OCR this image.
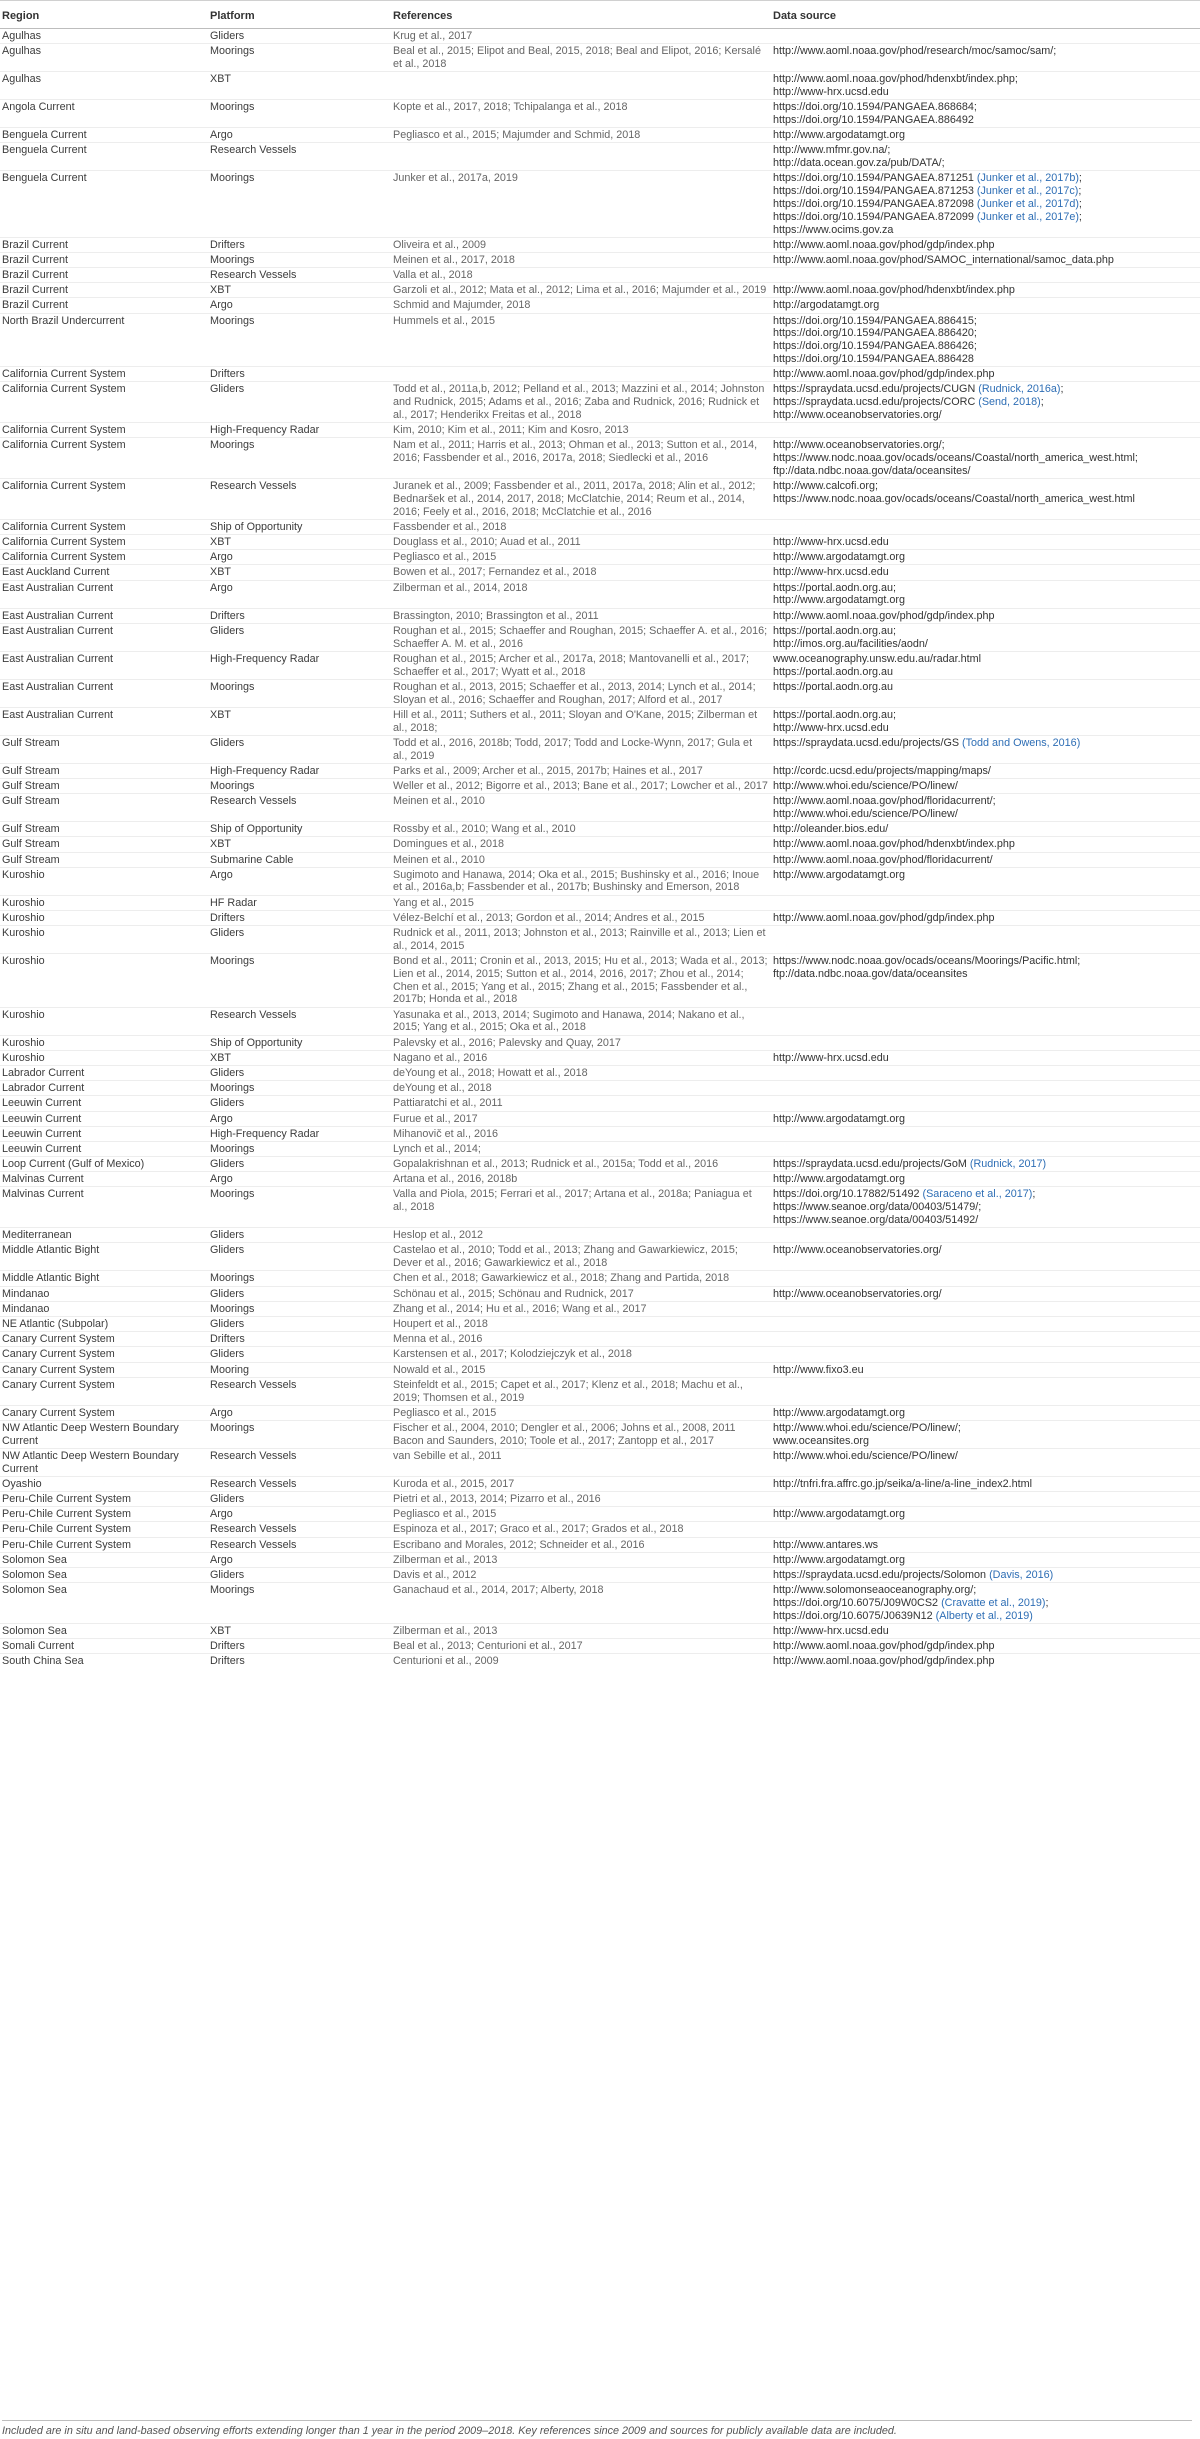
Region	Platform	References	Data source
Agulhas	Gliders	Krug et al., 2017	
Agulhas	Moorings	Beal et al., 2015; Elipot and Beal, 2015, 2018; Beal and Elipot, 2016; Kersalé et al., 2018	http://www.aoml.noaa.gov/phod/research/moc/samoc/sam/;
Agulhas	XBT		http://www.aoml.noaa.gov/phod/hdenxbt/index.php;
http://www-hrx.ucsd.edu
Angola Current	Moorings	Kopte et al., 2017, 2018; Tchipalanga et al., 2018	https://doi.org/10.1594/PANGAEA.868684;
https://doi.org/10.1594/PANGAEA.886492
Benguela Current	Argo	Pegliasco et al., 2015; Majumder and Schmid, 2018	http://www.argodatamgt.org
Benguela Current	Research Vessels		http://www.mfmr.gov.na/;
http://data.ocean.gov.za/pub/DATA/;
Benguela Current	Moorings	Junker et al., 2017a, 2019	https://doi.org/10.1594/PANGAEA.871251 (Junker et al., 2017b);
https://doi.org/10.1594/PANGAEA.871253 (Junker et al., 2017c);
https://doi.org/10.1594/PANGAEA.872098 (Junker et al., 2017d);
https://doi.org/10.1594/PANGAEA.872099 (Junker et al., 2017e);
https://www.ocims.gov.za
Brazil Current	Drifters	Oliveira et al., 2009	http://www.aoml.noaa.gov/phod/gdp/index.php
Brazil Current	Moorings	Meinen et al., 2017, 2018	http://www.aoml.noaa.gov/phod/SAMOC_international/samoc_data.php
Brazil Current	Research Vessels	Valla et al., 2018	
Brazil Current	XBT	Garzoli et al., 2012; Mata et al., 2012; Lima et al., 2016; Majumder et al., 2019	http://www.aoml.noaa.gov/phod/hdenxbt/index.php
Brazil Current	Argo	Schmid and Majumder, 2018	http://argodatamgt.org
North Brazil Undercurrent	Moorings	Hummels et al., 2015	https://doi.org/10.1594/PANGAEA.886415;
https://doi.org/10.1594/PANGAEA.886420;
https://doi.org/10.1594/PANGAEA.886426;
https://doi.org/10.1594/PANGAEA.886428
California Current System	Drifters		http://www.aoml.noaa.gov/phod/gdp/index.php
California Current System	Gliders	Todd et al., 2011a,b, 2012; Pelland et al., 2013; Mazzini et al., 2014; Johnston and Rudnick, 2015; Adams et al., 2016; Zaba and Rudnick, 2016; Rudnick et al., 2017; Henderikx Freitas et al., 2018	https://spraydata.ucsd.edu/projects/CUGN (Rudnick, 2016a);
https://spraydata.ucsd.edu/projects/CORC (Send, 2018);
http://www.oceanobservatories.org/
California Current System	High-Frequency Radar	Kim, 2010; Kim et al., 2011; Kim and Kosro, 2013	
California Current System	Moorings	Nam et al., 2011; Harris et al., 2013; Ohman et al., 2013; Sutton et al., 2014, 2016; Fassbender et al., 2016, 2017a, 2018; Siedlecki et al., 2016	http://www.oceanobservatories.org/;
https://www.nodc.noaa.gov/ocads/oceans/Coastal/north_america_west.html;
ftp://data.ndbc.noaa.gov/data/oceansites/
California Current System	Research Vessels	Juranek et al., 2009; Fassbender et al., 2011, 2017a, 2018; Alin et al., 2012; Bednaršek et al., 2014, 2017, 2018; McClatchie, 2014; Reum et al., 2014, 2016; Feely et al., 2016, 2018; McClatchie et al., 2016	http://www.calcofi.org;
https://www.nodc.noaa.gov/ocads/oceans/Coastal/north_america_west.html
California Current System	Ship of Opportunity	Fassbender et al., 2018	
California Current System	XBT	Douglass et al., 2010; Auad et al., 2011	http://www-hrx.ucsd.edu
California Current System	Argo	Pegliasco et al., 2015	http://www.argodatamgt.org
East Auckland Current	XBT	Bowen et al., 2017; Fernandez et al., 2018	http://www-hrx.ucsd.edu
East Australian Current	Argo	Zilberman et al., 2014, 2018	https://portal.aodn.org.au;
http://www.argodatamgt.org
East Australian Current	Drifters	Brassington, 2010; Brassington et al., 2011	http://www.aoml.noaa.gov/phod/gdp/index.php
East Australian Current	Gliders	Roughan et al., 2015; Schaeffer and Roughan, 2015; Schaeffer A. et al., 2016; Schaeffer A. M. et al., 2016	https://portal.aodn.org.au;
http://imos.org.au/facilities/aodn/
East Australian Current	High-Frequency Radar	Roughan et al., 2015; Archer et al., 2017a, 2018; Mantovanelli et al., 2017; Schaeffer et al., 2017; Wyatt et al., 2018	www.oceanography.unsw.edu.au/radar.html
https://portal.aodn.org.au
East Australian Current	Moorings	Roughan et al., 2013, 2015; Schaeffer et al., 2013, 2014; Lynch et al., 2014; Sloyan et al., 2016; Schaeffer and Roughan, 2017; Alford et al., 2017	https://portal.aodn.org.au
East Australian Current	XBT	Hill et al., 2011; Suthers et al., 2011; Sloyan and O'Kane, 2015; Zilberman et al., 2018;	https://portal.aodn.org.au;
http://www-hrx.ucsd.edu
Gulf Stream	Gliders	Todd et al., 2016, 2018b; Todd, 2017; Todd and Locke-Wynn, 2017; Gula et al., 2019	https://spraydata.ucsd.edu/projects/GS (Todd and Owens, 2016)
Gulf Stream	High-Frequency Radar	Parks et al., 2009; Archer et al., 2015, 2017b; Haines et al., 2017	http://cordc.ucsd.edu/projects/mapping/maps/
Gulf Stream	Moorings	Weller et al., 2012; Bigorre et al., 2013; Bane et al., 2017; Lowcher et al., 2017	http://www.whoi.edu/science/PO/linew/
Gulf Stream	Research Vessels	Meinen et al., 2010	http://www.aoml.noaa.gov/phod/floridacurrent/;
http://www.whoi.edu/science/PO/linew/
Gulf Stream	Ship of Opportunity	Rossby et al., 2010; Wang et al., 2010	http://oleander.bios.edu/
Gulf Stream	XBT	Domingues et al., 2018	http://www.aoml.noaa.gov/phod/hdenxbt/index.php
Gulf Stream	Submarine Cable	Meinen et al., 2010	http://www.aoml.noaa.gov/phod/floridacurrent/
Kuroshio	Argo	Sugimoto and Hanawa, 2014; Oka et al., 2015; Bushinsky et al., 2016; Inoue et al., 2016a,b; Fassbender et al., 2017b; Bushinsky and Emerson, 2018	http://www.argodatamgt.org
Kuroshio	HF Radar	Yang et al., 2015	
Kuroshio	Drifters	Vélez-Belchí et al., 2013; Gordon et al., 2014; Andres et al., 2015	http://www.aoml.noaa.gov/phod/gdp/index.php
Kuroshio	Gliders	Rudnick et al., 2011, 2013; Johnston et al., 2013; Rainville et al., 2013; Lien et al., 2014, 2015	
Kuroshio	Moorings	Bond et al., 2011; Cronin et al., 2013, 2015; Hu et al., 2013; Wada et al., 2013; Lien et al., 2014, 2015; Sutton et al., 2014, 2016, 2017; Zhou et al., 2014; Chen et al., 2015; Yang et al., 2015; Zhang et al., 2015; Fassbender et al., 2017b; Honda et al., 2018	https://www.nodc.noaa.gov/ocads/oceans/Moorings/Pacific.html;
ftp://data.ndbc.noaa.gov/data/oceansites
Kuroshio	Research Vessels	Yasunaka et al., 2013, 2014; Sugimoto and Hanawa, 2014; Nakano et al., 2015; Yang et al., 2015; Oka et al., 2018	
Kuroshio	Ship of Opportunity	Palevsky et al., 2016; Palevsky and Quay, 2017	
Kuroshio	XBT	Nagano et al., 2016	http://www-hrx.ucsd.edu
Labrador Current	Gliders	deYoung et al., 2018; Howatt et al., 2018	
Labrador Current	Moorings	deYoung et al., 2018	
Leeuwin Current	Gliders	Pattiaratchi et al., 2011	
Leeuwin Current	Argo	Furue et al., 2017	http://www.argodatamgt.org
Leeuwin Current	High-Frequency Radar	Mihanovič et al., 2016	
Leeuwin Current	Moorings	Lynch et al., 2014;	
Loop Current (Gulf of Mexico)	Gliders	Gopalakrishnan et al., 2013; Rudnick et al., 2015a; Todd et al., 2016	https://spraydata.ucsd.edu/projects/GoM (Rudnick, 2017)
Malvinas Current	Argo	Artana et al., 2016, 2018b	http://www.argodatamgt.org
Malvinas Current	Moorings	Valla and Piola, 2015; Ferrari et al., 2017; Artana et al., 2018a; Paniagua et al., 2018	https://doi.org/10.17882/51492 (Saraceno et al., 2017);
https://www.seanoe.org/data/00403/51479/;
https://www.seanoe.org/data/00403/51492/
Mediterranean	Gliders	Heslop et al., 2012	
Middle Atlantic Bight	Gliders	Castelao et al., 2010; Todd et al., 2013; Zhang and Gawarkiewicz, 2015; Dever et al., 2016; Gawarkiewicz et al., 2018	http://www.oceanobservatories.org/
Middle Atlantic Bight	Moorings	Chen et al., 2018; Gawarkiewicz et al., 2018; Zhang and Partida, 2018	
Mindanao	Gliders	Schönau et al., 2015; Schönau and Rudnick, 2017	http://www.oceanobservatories.org/
Mindanao	Moorings	Zhang et al., 2014; Hu et al., 2016; Wang et al., 2017	
NE Atlantic (Subpolar)	Gliders	Houpert et al., 2018	
Canary Current System	Drifters	Menna et al., 2016	
Canary Current System	Gliders	Karstensen et al., 2017; Kolodziejczyk et al., 2018	
Canary Current System	Mooring	Nowald et al., 2015	http://www.fixo3.eu
Canary Current System	Research Vessels	Steinfeldt et al., 2015; Capet et al., 2017; Klenz et al., 2018; Machu et al., 2019; Thomsen et al., 2019	
Canary Current System	Argo	Pegliasco et al., 2015	http://www.argodatamgt.org
NW Atlantic Deep Western Boundary Current	Moorings	Fischer et al., 2004, 2010; Dengler et al., 2006; Johns et al., 2008, 2011 Bacon and Saunders, 2010; Toole et al., 2017; Zantopp et al., 2017	http://www.whoi.edu/science/PO/linew/;
www.oceansites.org
NW Atlantic Deep Western Boundary Current	Research Vessels	van Sebille et al., 2011	http://www.whoi.edu/science/PO/linew/
Oyashio	Research Vessels	Kuroda et al., 2015, 2017	http://tnfri.fra.affrc.go.jp/seika/a-line/a-line_index2.html
Peru-Chile Current System	Gliders	Pietri et al., 2013, 2014; Pizarro et al., 2016	
Peru-Chile Current System	Argo	Pegliasco et al., 2015	http://www.argodatamgt.org
Peru-Chile Current System	Research Vessels	Espinoza et al., 2017; Graco et al., 2017; Grados et al., 2018	
Peru-Chile Current System	Research Vessels	Escribano and Morales, 2012; Schneider et al., 2016	http://www.antares.ws
Solomon Sea	Argo	Zilberman et al., 2013	http://www.argodatamgt.org
Solomon Sea	Gliders	Davis et al., 2012	https://spraydata.ucsd.edu/projects/Solomon (Davis, 2016)
Solomon Sea	Moorings	Ganachaud et al., 2014, 2017; Alberty, 2018	http://www.solomonseaoceanography.org/;
https://doi.org/10.6075/J09W0CS2 (Cravatte et al., 2019);
https://doi.org/10.6075/J0639N12 (Alberty et al., 2019)
Solomon Sea	XBT	Zilberman et al., 2013	http://www-hrx.ucsd.edu
Somali Current	Drifters	Beal et al., 2013; Centurioni et al., 2017	http://www.aoml.noaa.gov/phod/gdp/index.php
South China Sea	Drifters	Centurioni et al., 2009	http://www.aoml.noaa.gov/phod/gdp/index.php
Included are in situ and land-based observing efforts extending longer than 1 year in the period 2009–2018. Key references since 2009 and sources for publicly available data are included.
